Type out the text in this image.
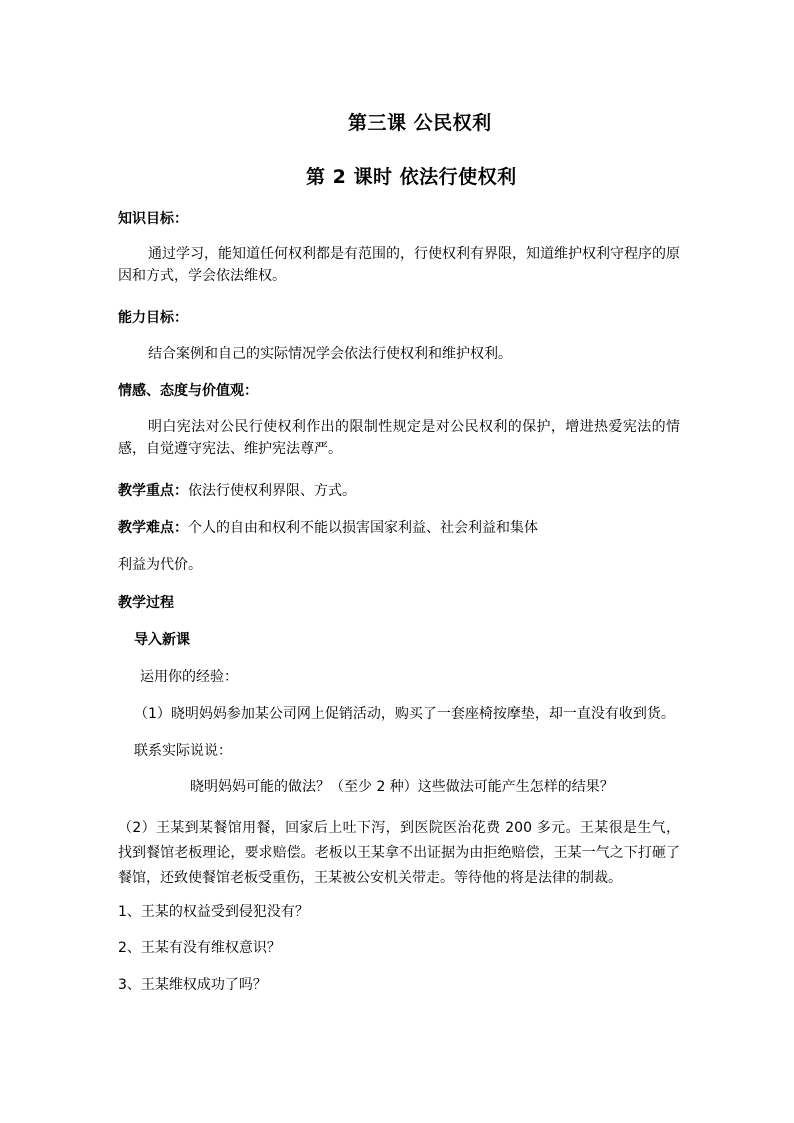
第三课 公民权利
第 2 课时 依法行使权利
知识目标：
通过学习，能知道任何权利都是有范围的，行使权利有界限，知道维护权利守程序的原因和方式，学会依法维权。
能力目标：
结合案例和自己的实际情况学会依法行使权利和维护权利。
情感、态度与价值观：
明白宪法对公民行使权利作出的限制性规定是对公民权利的保护，增进热爱宪法的情感，自觉遵守宪法、维护宪法尊严。
教学重点：依法行使权利界限、方式。
教学难点：个人的自由和权利不能以损害国家利益、社会利益和集体
利益为代价。
教学过程
导入新课
运用你的经验：
（1）晓明妈妈参加某公司网上促销活动，购买了一套座椅按摩垫，却一直没有收到货。
联系实际说说：
晓明妈妈可能的做法？（至少 2 种）这些做法可能产生怎样的结果？
（2）王某到某餐馆用餐，回家后上吐下泻，到医院医治花费 200 多元。王某很是生气，找到餐馆老板理论，要求赔偿。老板以王某拿不出证据为由拒绝赔偿，王某一气之下打砸了餐馆，还致使餐馆老板受重伤，王某被公安机关带走。等待他的将是法律的制裁。
1、王某的权益受到侵犯没有？
2、王某有没有维权意识？
3、王某维权成功了吗？
